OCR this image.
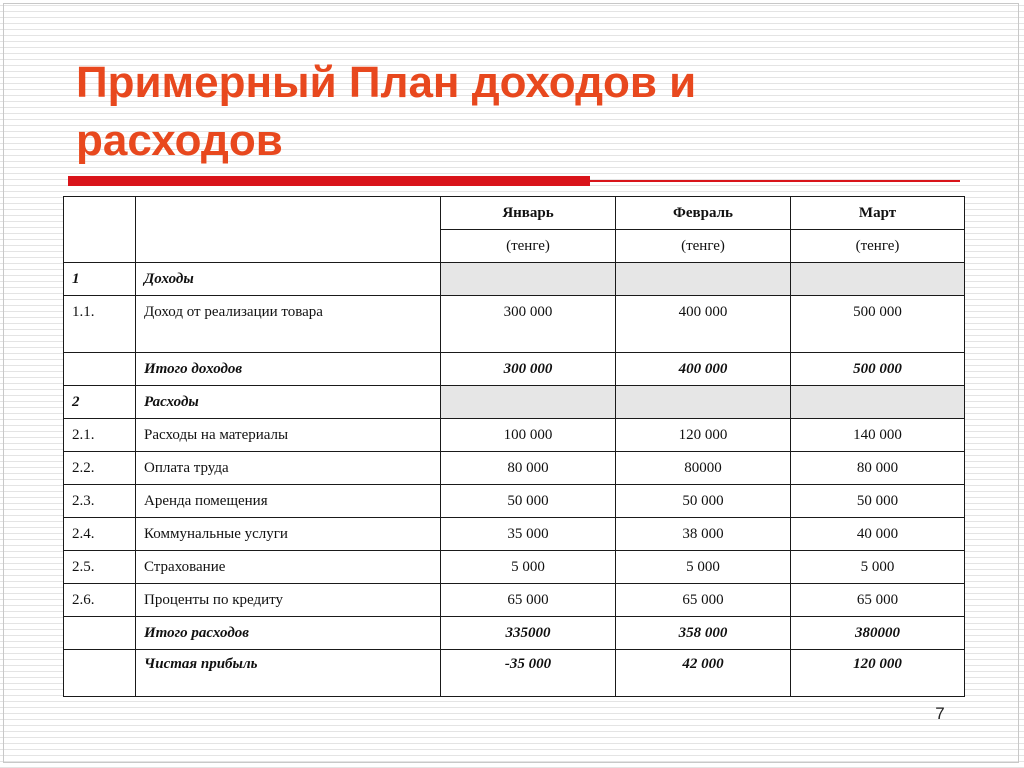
Примерный План доходов и
расходов
		Январь	Февраль	Март
		(тенге)	(тенге)	(тенге)
1	Доходы			
1.1.	Доход от реализации товара	300 000	400 000	500 000
	Итого доходов	300 000	400 000	500 000
2	Расходы			
2.1.	Расходы на материалы	100 000	120 000	140 000
2.2.	Оплата труда	80 000	80000	80 000
2.3.	Аренда помещения	50 000	50 000	50 000
2.4.	Коммунальные услуги	35 000	38 000	40 000
2.5.	Страхование	5 000	5 000	5 000
2.6.	Проценты по кредиту	65 000	65 000	65 000
	Итого расходов	335000	358 000	380000
	Чистая прибыль	-35 000	42 000	120 000
7
